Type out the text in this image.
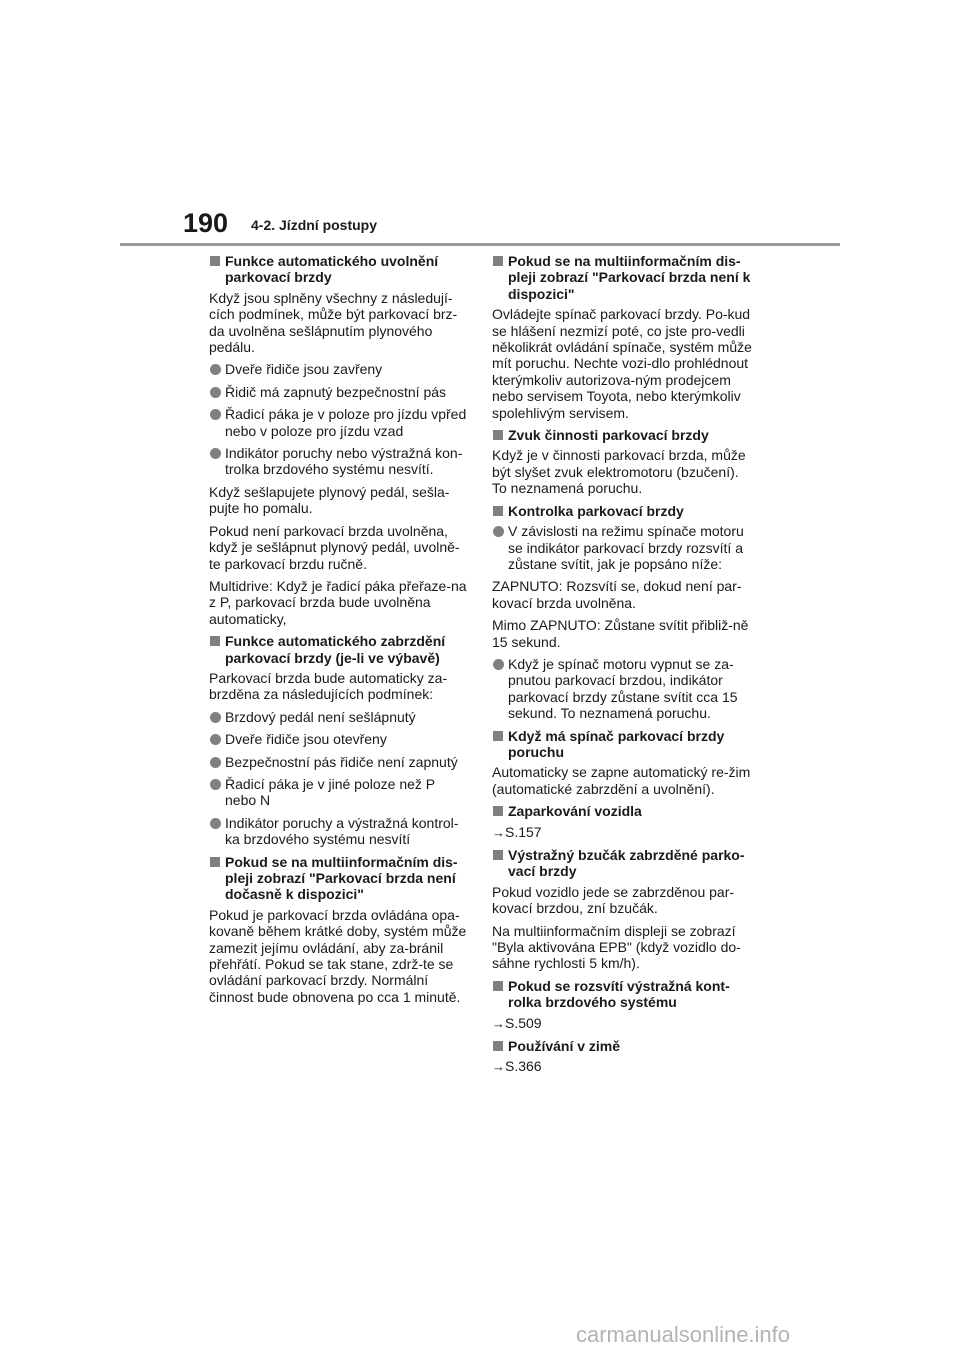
190 4-2. Jízdní postupy
Funkce automatického uvolnění parkovací brzdy
Když jsou splněny všechny z následují-cích podmínek, může být parkovací brz-da uvolněna sešlápnutím plynového pedálu.
Dveře řidiče jsou zavřeny
Řidič má zapnutý bezpečnostní pás
Řadicí páka je v poloze pro jízdu vpřed nebo v poloze pro jízdu vzad
Indikátor poruchy nebo výstražná kon-trolka brzdového systému nesvítí.
Když sešlapujete plynový pedál, sešla-pujte ho pomalu.
Pokud není parkovací brzda uvolněna, když je sešlápnut plynový pedál, uvolně-te parkovací brzdu ručně.
Multidrive: Když je řadicí páka přeřaze-na z P, parkovací brzda bude uvolněna automaticky,
Funkce automatického zabrzdění parkovací brzdy (je-li ve výbavě)
Parkovací brzda bude automaticky za-brzděna za následujících podmínek:
Brzdový pedál není sešlápnutý
Dveře řidiče jsou otevřeny
Bezpečnostní pás řidiče není zapnutý
Řadicí páka je v jiné poloze než P nebo N
Indikátor poruchy a výstražná kontrol-ka brzdového systému nesvítí
Pokud se na multiinformačním dis-pleji zobrazí "Parkovací brzda není dočasně k dispozici"
Pokud je parkovací brzda ovládána opa-kovaně během krátké doby, systém může zamezit jejímu ovládání, aby za-bránil přehřátí. Pokud se tak stane, zdrž-te se ovládání parkovací brzdy. Normální činnost bude obnovena po cca 1 minutě.
Pokud se na multiinformačním dis-pleji zobrazí "Parkovací brzda není k dispozici"
Ovládejte spínač parkovací brzdy. Po-kud se hlášení nezmizí poté, co jste pro-vedli několikrát ovládání spínače, systém může mít poruchu. Nechte vozi-dlo prohlédnout kterýmkoliv autorizova-ným prodejcem nebo servisem Toyota, nebo kterýmkoliv spolehlivým servisem.
Zvuk činnosti parkovací brzdy
Když je v činnosti parkovací brzda, může být slyšet zvuk elektromotoru (bzučení). To neznamená poruchu.
Kontrolka parkovací brzdy
V závislosti na režimu spínače motoru se indikátor parkovací brzdy rozsvítí a zůstane svítit, jak je popsáno níže:
ZAPNUTO: Rozsvítí se, dokud není par-kovací brzda uvolněna.
Mimo ZAPNUTO: Zůstane svítit přibliž-ně 15 sekund.
Když je spínač motoru vypnut se za-pnutou parkovací brzdou, indikátor parkovací brzdy zůstane svítit cca 15 sekund. To neznamená poruchu.
Když má spínač parkovací brzdy poruchu
Automaticky se zapne automatický re-žim (automatické zabrzdění a uvolnění).
Zaparkování vozidla
→S.157
Výstražný bzučák zabrzděné parko-vací brzdy
Pokud vozidlo jede se zabrzděnou par-kovací brzdou, zní bzučák.
Na multiinformačním displeji se zobrazí "Byla aktivována EPB" (když vozidlo do-sáhne rychlosti 5 km/h).
Pokud se rozsvítí výstražná kont-rolka brzdového systému
→S.509
Používání v zimě
→S.366
carmanualsonline.info
